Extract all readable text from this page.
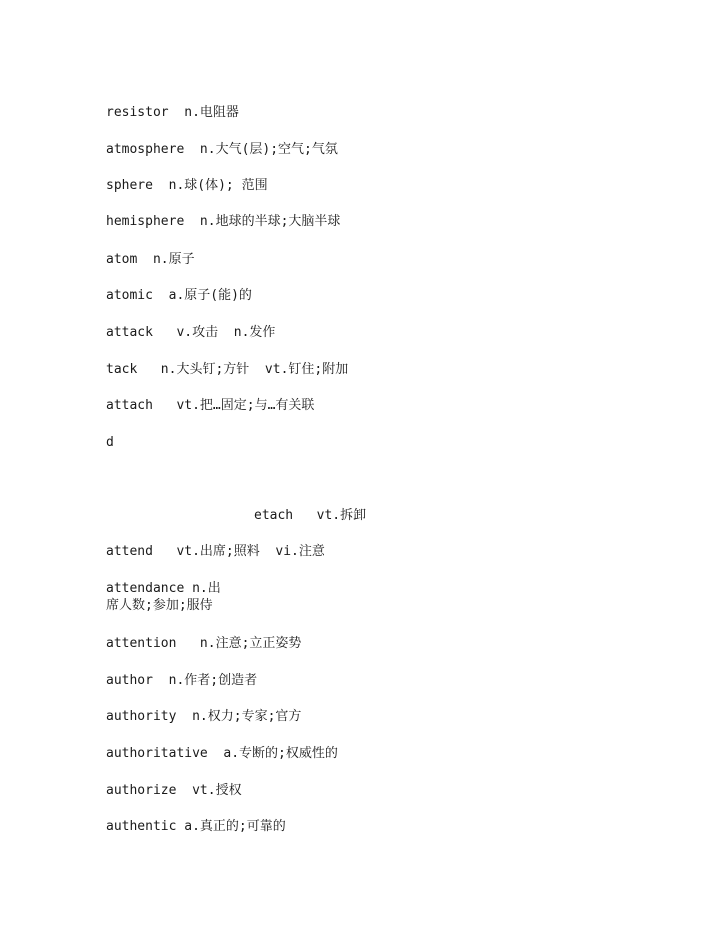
resistor  n.电阻器
atmosphere  n.大气(层);空气;气氛
sphere  n.球(体); 范围
hemisphere  n.地球的半球;大脑半球
atom  n.原子
atomic  a.原子(能)的
attack   v.攻击  n.发作
tack   n.大头钉;方针  vt.钉住;附加
attach   vt.把…固定;与…有关联
d
etach   vt.拆卸
attend   vt.出席;照料  vi.注意
attendance n.出
席人数;参加;服侍
attention   n.注意;立正姿势
author  n.作者;创造者
authority  n.权力;专家;官方
authoritative  a.专断的;权威性的
authorize  vt.授权
authentic a.真正的;可靠的
